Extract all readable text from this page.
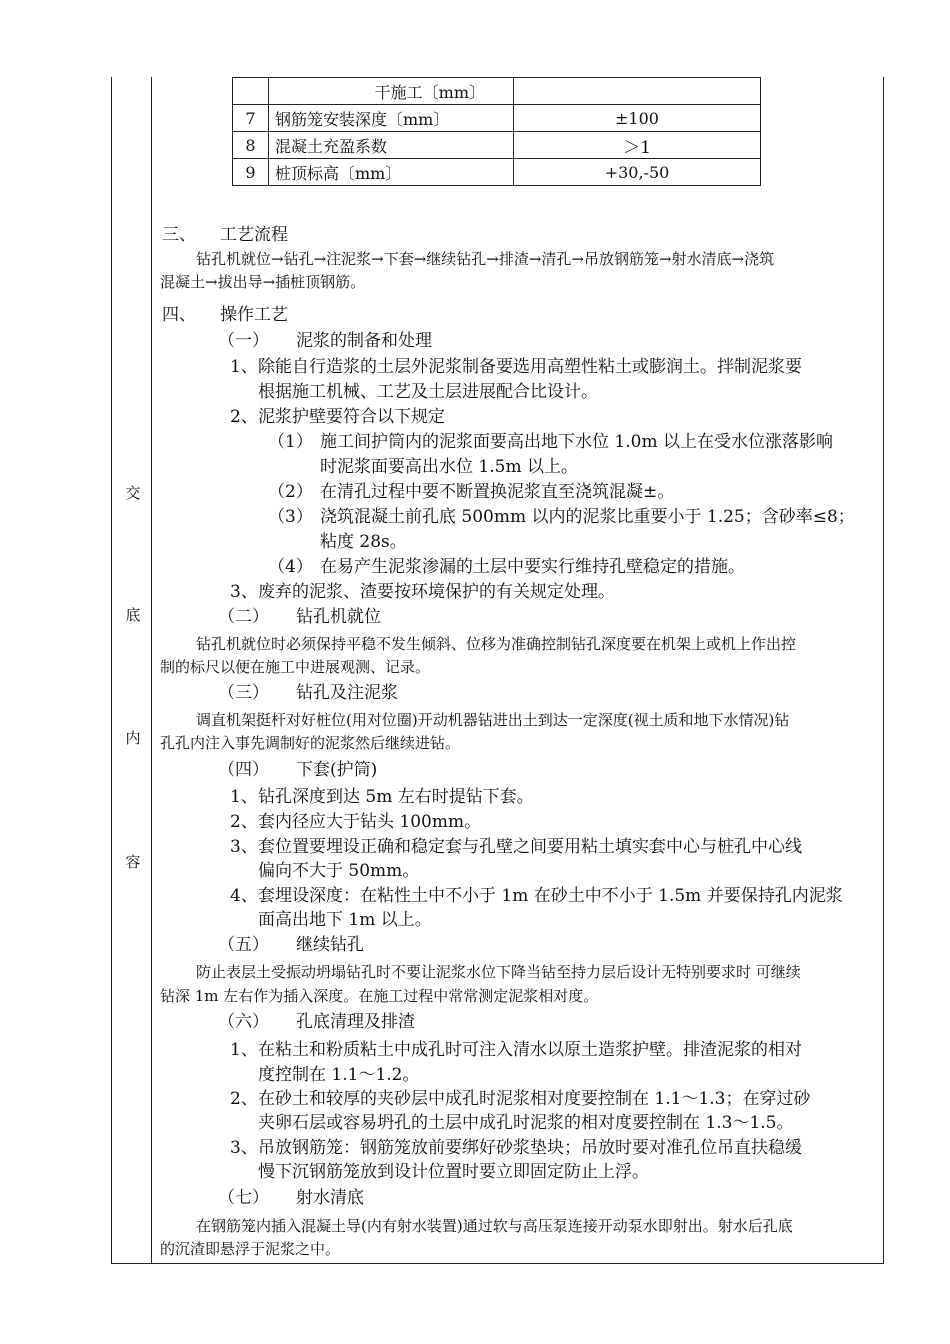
交
底
内
容
	干施工〔mm〕	
7	钢筋笼安装深度〔mm〕	±100
8	混凝土充盈系数	＞1
9	桩顶标高〔mm〕	+30,-50
三、 工艺流程
钻孔机就位→钻孔→注泥浆→下套→继续钻孔→排渣→清孔→吊放钢筋笼→射水清底→浇筑
混凝土→拔出导→插桩顶钢筋。
四、 操作工艺
（一） 泥浆的制备和处理
1、 除能自行造浆的土层外泥浆制备要选用高塑性粘土或膨润土。拌制泥浆要
根据施工机械、工艺及土层进展配合比设计。
2、 泥浆护壁要符合以下规定
（1） 施工间护筒内的泥浆面要高出地下水位 1.0m 以上在受水位涨落影响
时泥浆面要高出水位 1.5m 以上。
（2） 在清孔过程中要不断置换泥浆直至浇筑混凝±。
（3） 浇筑混凝土前孔底 500mm 以内的泥浆比重要小于 1.25；含砂率≤8；
粘度 28s。
（4） 在易产生泥浆渗漏的土层中要实行维持孔壁稳定的措施。
3、 废弃的泥浆、渣要按环境保护的有关规定处理。
（二） 钻孔机就位
钻孔机就位时必须保持平稳不发生倾斜、位移为准确控制钻孔深度要在机架上或机上作出控
制的标尺以便在施工中进展观测、记录。
（三） 钻孔及注泥浆
调直机架挺杆对好桩位(用对位圈)开动机器钻进出土到达一定深度(视土质和地下水情况)钻
孔孔内注入事先调制好的泥浆然后继续进钻。
（四） 下套(护筒)
1、 钻孔深度到达 5m 左右时提钻下套。
2、 套内径应大于钻头 100mm。
3、 套位置要埋设正确和稳定套与孔壁之间要用粘土填实套中心与桩孔中心线
偏向不大于 50mm。
4、 套埋设深度：在粘性土中不小于 1m 在砂土中不小于 1.5m 并要保持孔内泥浆
面高出地下 1m 以上。
（五） 继续钻孔
防止表层土受振动坍塌钻孔时不要让泥浆水位下降当钻至持力层后设计无特别要求时 可继续
钻深 1m 左右作为插入深度。在施工过程中常常测定泥浆相对度。
（六） 孔底清理及排渣
1、 在粘土和粉质粘土中成孔时可注入清水以原土造浆护壁。排渣泥浆的相对
度控制在 1.1～1.2。
2、 在砂土和较厚的夹砂层中成孔时泥浆相对度要控制在 1.1～1.3；在穿过砂
夹卵石层或容易坍孔的土层中成孔时泥浆的相对度要控制在 1.3～1.5。
3、 吊放钢筋笼：钢筋笼放前要绑好砂浆垫块；吊放时要对准孔位吊直扶稳缓
慢下沉钢筋笼放到设计位置时要立即固定防止上浮。
（七） 射水清底
在钢筋笼内插入混凝土导(内有射水装置)通过软与高压泵连接开动泵水即射出。射水后孔底
的沉渣即悬浮于泥浆之中。
